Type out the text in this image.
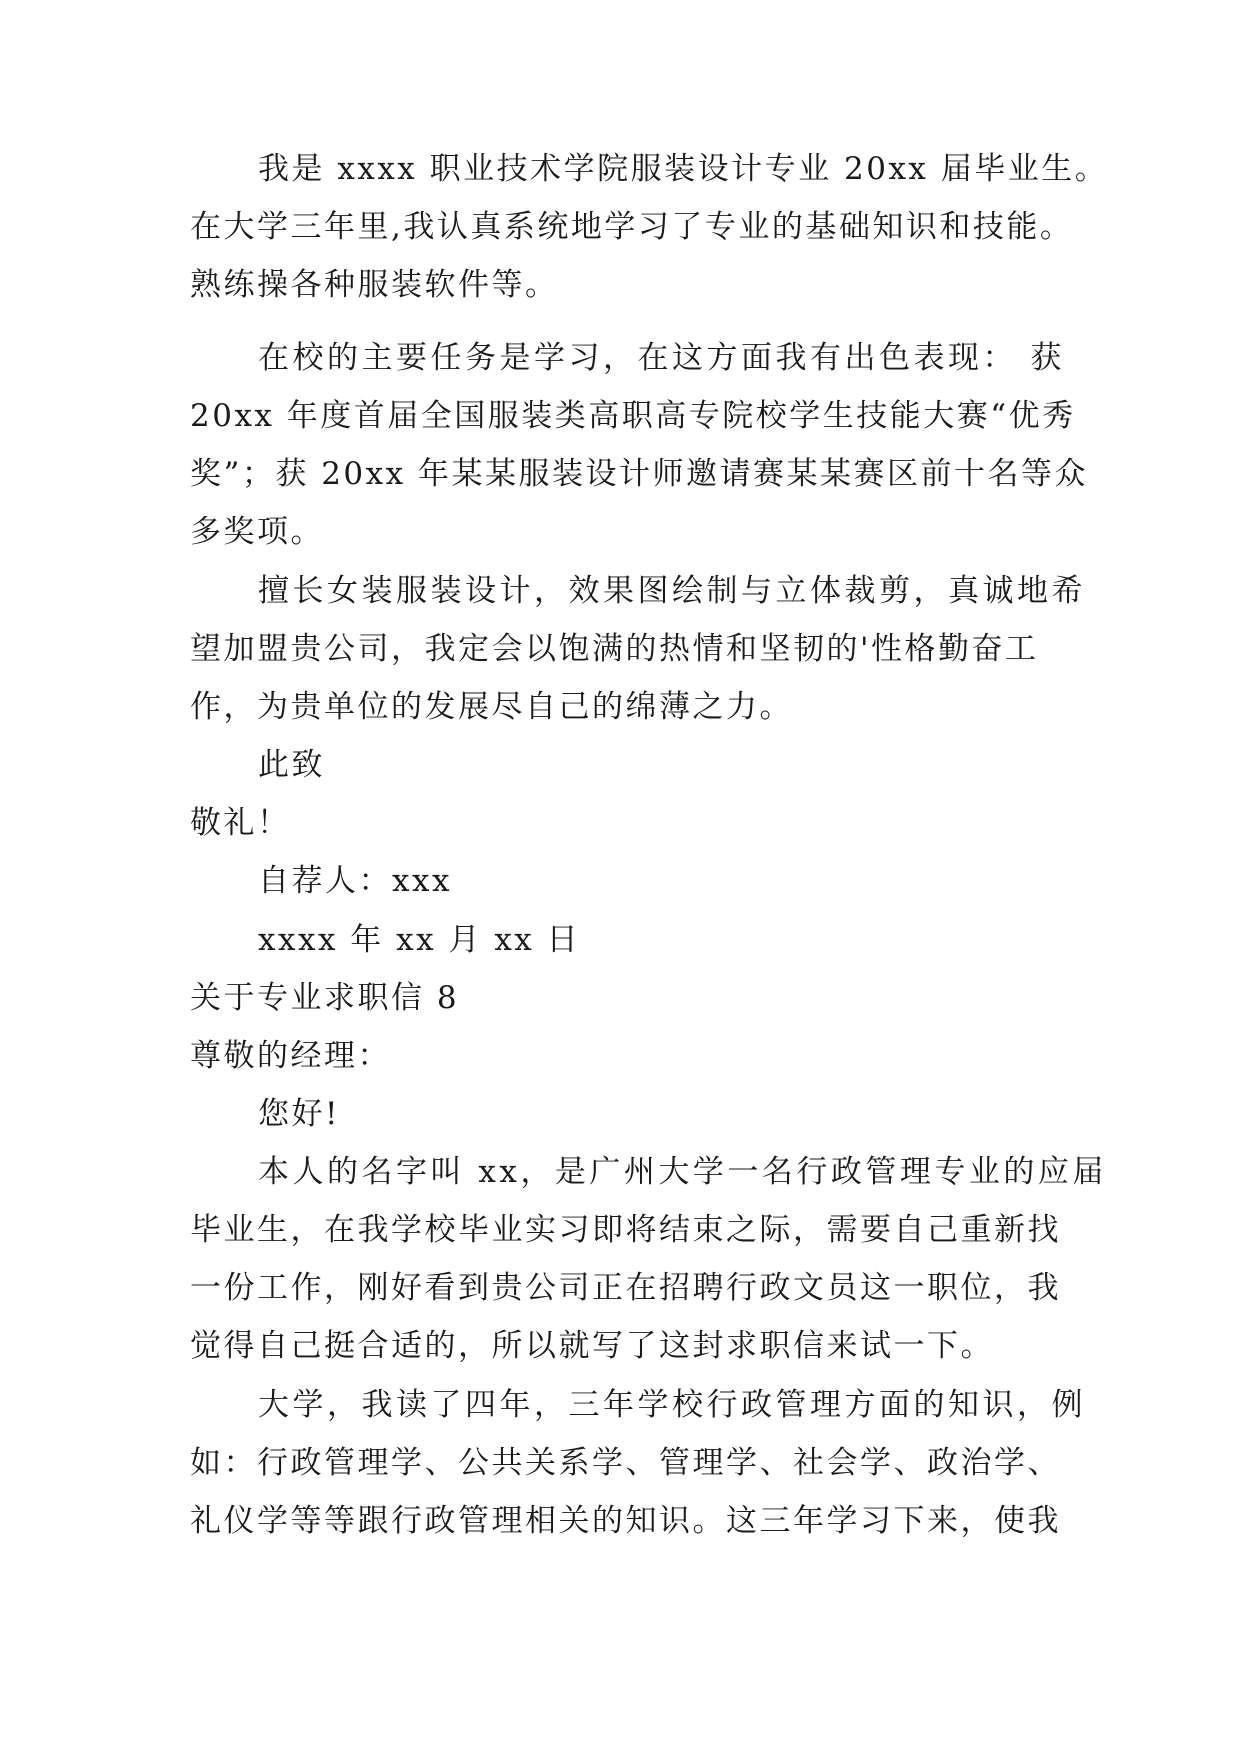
我是 xxxx 职业技术学院服装设计专业 20xx 届毕业生。
在大学三年里,我认真系统地学习了专业的基础知识和技能。
熟练操各种服装软件等。
在校的主要任务是学习，在这方面我有出色表现： 获
20xx 年度首届全国服装类高职高专院校学生技能大赛“优秀
奖”；获 20xx 年某某服装设计师邀请赛某某赛区前十名等众
多奖项。
擅长女装服装设计，效果图绘制与立体裁剪，真诚地希
望加盟贵公司，我定会以饱满的热情和坚韧的'性格勤奋工
作，为贵单位的发展尽自己的绵薄之力。
此致
敬礼！
自荐人：xxx
xxxx 年 xx 月 xx 日
关于专业求职信 8
尊敬的经理：
您好!
本人的名字叫 xx，是广州大学一名行政管理专业的应届
毕业生，在我学校毕业实习即将结束之际，需要自己重新找
一份工作，刚好看到贵公司正在招聘行政文员这一职位，我
觉得自己挺合适的，所以就写了这封求职信来试一下。
大学，我读了四年，三年学校行政管理方面的知识，例
如：行政管理学、公共关系学、管理学、社会学、政治学、
礼仪学等等跟行政管理相关的知识。这三年学习下来，使我
